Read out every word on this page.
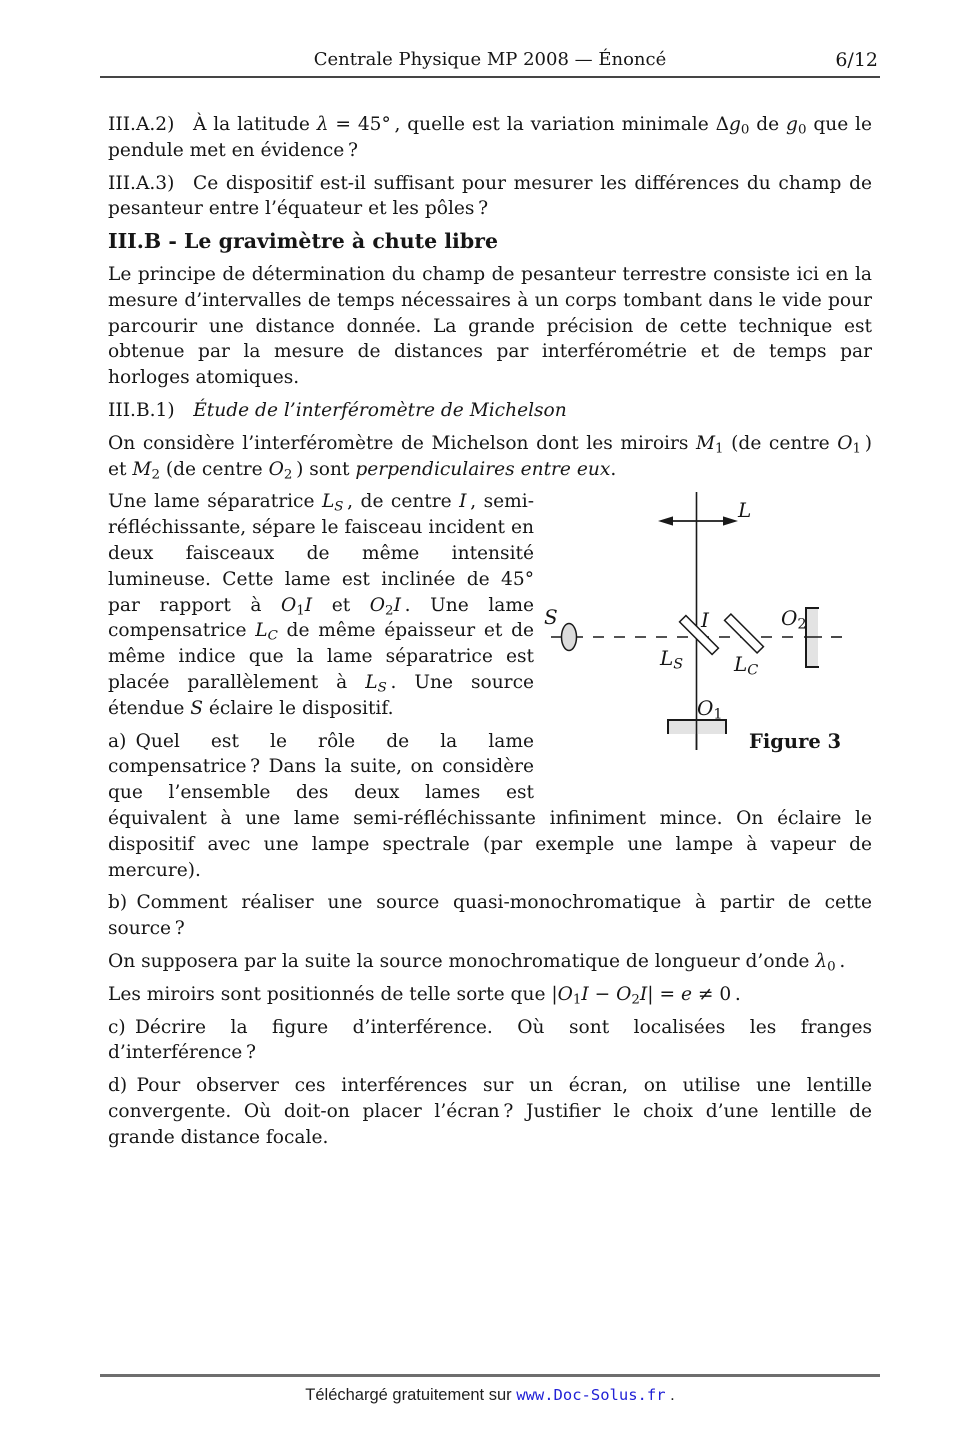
Centrale Physique MP 2008 — Énoncé	6/12

III.A.2)  À la latitude λ = 45° , quelle est la variation minimale Δg0 de g0 que le pendule met en évidence ?

III.A.3)  Ce dispositif est-il suffisant pour mesurer les différences du champ de pesanteur entre l’équateur et les pôles ?

III.B - Le gravimètre à chute libre

Le principe de détermination du champ de pesanteur terrestre consiste ici en la mesure d’intervalles de temps nécessaires à un corps tombant dans le vide pour parcourir une distance donnée. La grande précision de cette technique est obtenue par la mesure de distances par interférométrie et de temps par horloges atomiques.

III.B.1)  Étude de l’interféromètre de Michelson

On considère l’interféromètre de Michelson dont les miroirs M1 (de centre O1 ) et M2 (de centre O2 ) sont perpendiculaires entre eux.

L
S	I
LS	LC
O2
O1
Figure 3

Une lame séparatrice LS , de centre I , semi-réfléchissante, sépare le faisceau incident en deux faisceaux de même intensité lumineuse. Cette lame est inclinée de 45° par rapport à O1I et O2I . Une lame compensatrice LC de même épaisseur et de même indice que la lame séparatrice est placée parallèlement à LS . Une source étendue S éclaire le dispositif.

a) Quel est le rôle de la lame compensatrice ? Dans la suite, on considère que l’ensemble des deux lames est équivalent à une lame semi-réfléchissante infiniment mince. On éclaire le dispositif avec une lampe spectrale (par exemple une lampe à vapeur de mercure).

b) Comment réaliser une source quasi-monochromatique à partir de cette source ?

On supposera par la suite la source monochromatique de longueur d’onde λ0 .

Les miroirs sont positionnés de telle sorte que |O1I − O2I| = e ≠ 0 .

c) Décrire la figure d’interférence. Où sont localisées les franges d’interférence ?

d) Pour observer ces interférences sur un écran, on utilise une lentille convergente. Où doit-on placer l’écran ? Justifier le choix d’une lentille de grande distance focale.

Téléchargé gratuitement sur www.Doc-Solus.fr .
